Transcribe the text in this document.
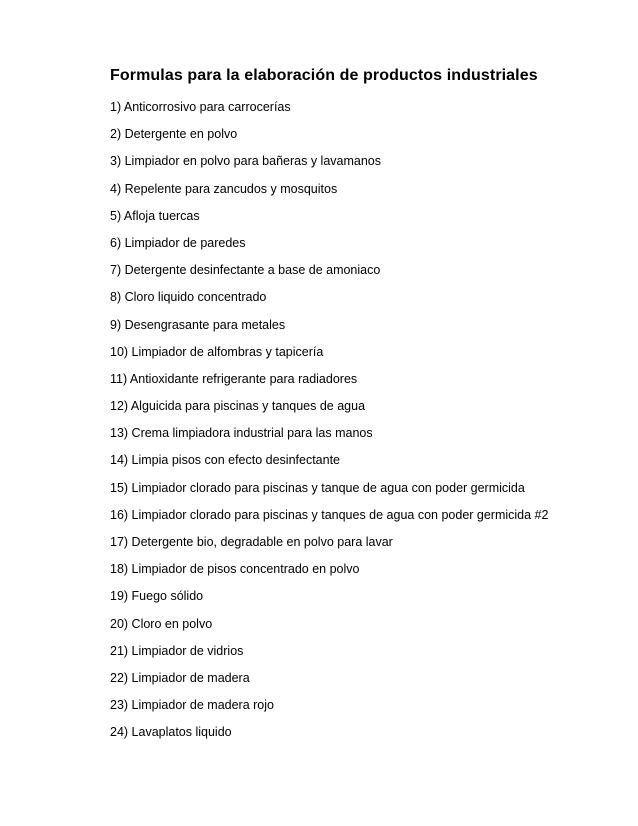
Formulas para la elaboración de productos industriales
1) Anticorrosivo para carrocerías
2) Detergente en polvo
3) Limpiador en polvo para bañeras y lavamanos
4) Repelente para zancudos y mosquitos
5) Afloja tuercas
6) Limpiador de paredes
7) Detergente desinfectante a base de amoniaco
8) Cloro liquido concentrado
9) Desengrasante para metales
10) Limpiador de alfombras y tapicería
11) Antioxidante refrigerante para radiadores
12) Alguicida para piscinas y tanques de agua
13) Crema limpiadora industrial para las manos
14) Limpia pisos con efecto desinfectante
15) Limpiador clorado para piscinas y tanque de agua con poder germicida
16) Limpiador clorado para piscinas y tanques de agua con poder germicida #2
17) Detergente bio, degradable en polvo para lavar
18) Limpiador de pisos concentrado en polvo
19) Fuego sólido
20) Cloro en polvo
21) Limpiador de vidrios
22) Limpiador de madera
23) Limpiador de madera rojo
24) Lavaplatos liquido
